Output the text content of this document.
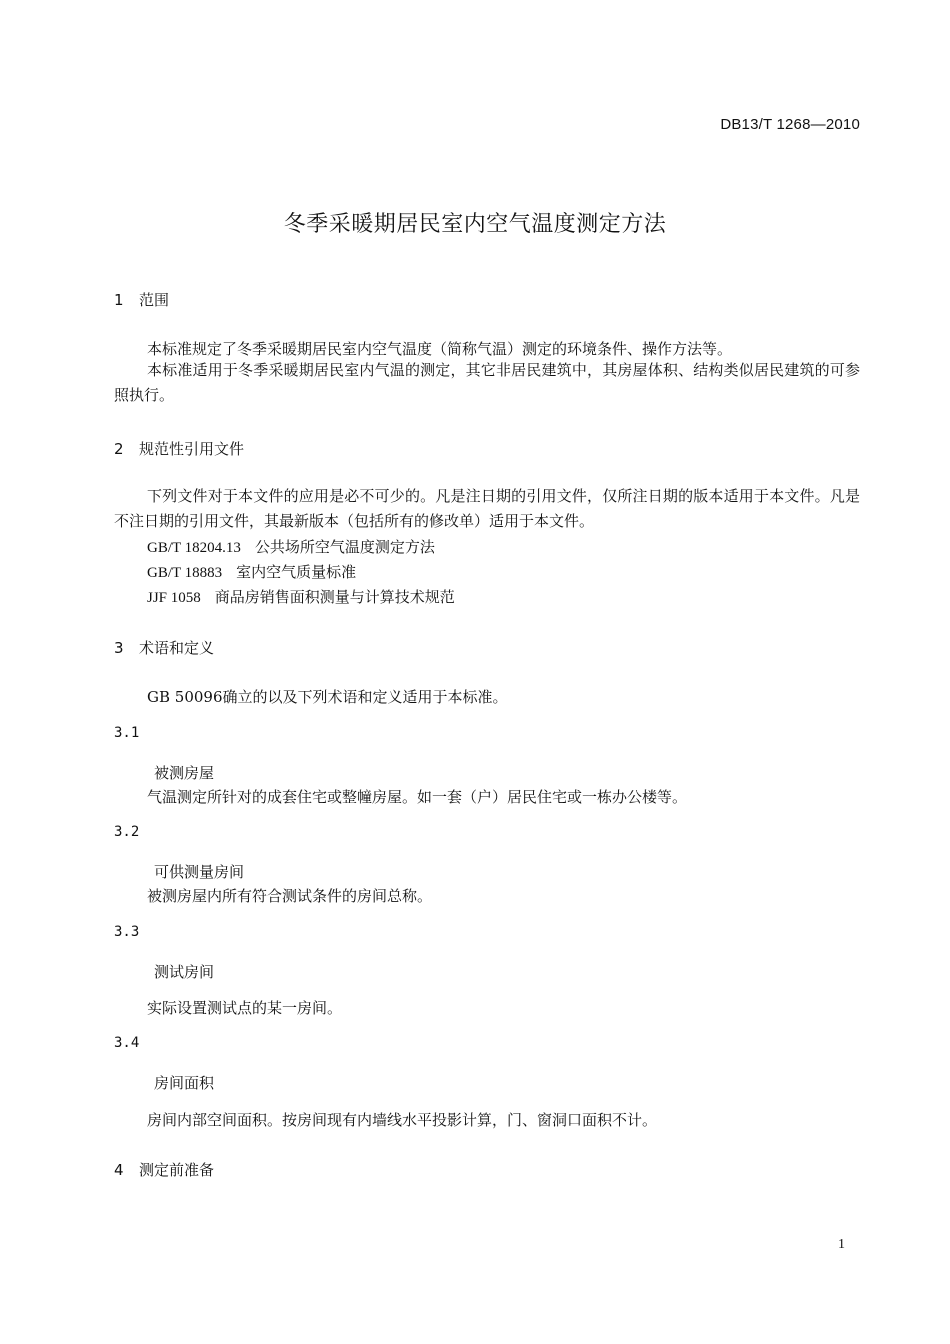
DB13/T 1268—2010
冬季采暖期居民室内空气温度测定方法
1 范围
本标准规定了冬季采暖期居民室内空气温度（简称气温）测定的环境条件、操作方法等。
本标准适用于冬季采暖期居民室内气温的测定，其它非居民建筑中，其房屋体积、结构类似居民建筑的可参照执行。
2 规范性引用文件
下列文件对于本文件的应用是必不可少的。凡是注日期的引用文件，仅所注日期的版本适用于本文件。凡是不注日期的引用文件，其最新版本（包括所有的修改单）适用于本文件。
GB/T 18204.13 公共场所空气温度测定方法
GB/T 18883 室内空气质量标准
JJF 1058 商品房销售面积测量与计算技术规范
3 术语和定义
GB 50096确立的以及下列术语和定义适用于本标准。
3.1
被测房屋
气温测定所针对的成套住宅或整幢房屋。如一套（户）居民住宅或一栋办公楼等。
3.2
可供测量房间
被测房屋内所有符合测试条件的房间总称。
3.3
测试房间
实际设置测试点的某一房间。
3.4
房间面积
房间内部空间面积。按房间现有内墙线水平投影计算，门、窗洞口面积不计。
4 测定前准备
1
